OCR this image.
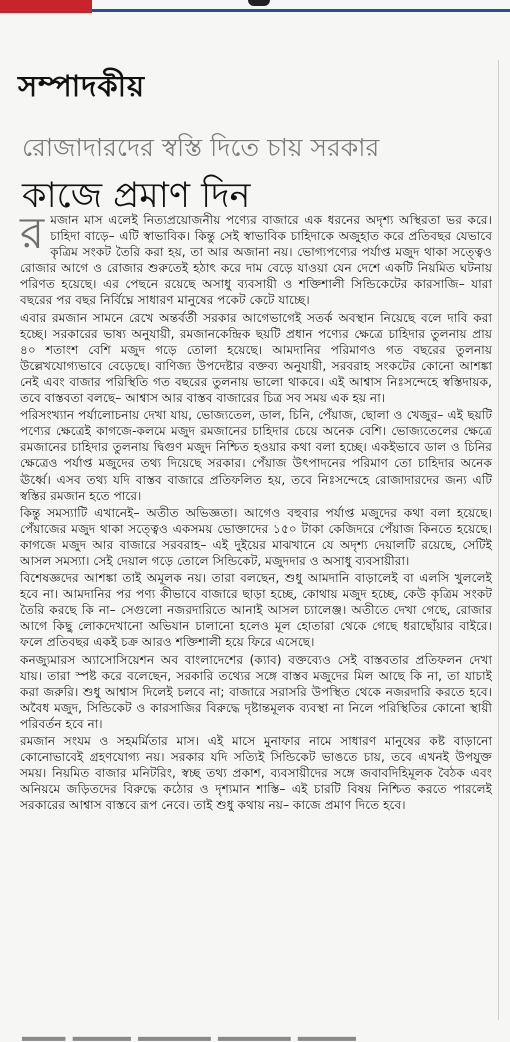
সম্পাদকীয়
রোজাদারদের স্বস্তি দিতে চায় সরকার
কাজে প্রমাণ দিন

রমজান মাস এলেই নিত্যপ্রয়োজনীয় পণ্যের বাজারে এক ধরনের অদৃশ্য অস্থিরতা ভর করে। চাহিদা বাড়ে– এটি স্বাভাবিক। কিন্তু সেই স্বাভাবিক চাহিদাকে অজুহাত করে প্রতিবছর যেভাবে কৃত্রিম সংকট তৈরি করা হয়, তা আর অজানা নয়। ভোগ্যপণ্যের পর্যাপ্ত মজুদ থাকা সত্ত্বেও রোজার আগে ও রোজার শুরুতেই হঠাৎ করে দাম বেড়ে যাওয়া যেন দেশে একটি নিয়মিত ঘটনায় পরিণত হয়েছে। এর পেছনে রয়েছে অসাধু ব্যবসায়ী ও শক্তিশালী সিন্ডিকেটের কারসাজি– যারা বছরের পর বছর নির্বিঘ্নে সাধারণ মানুষের পকেট কেটে যাচ্ছে।

এবার রমজান সামনে রেখে অন্তর্বর্তী সরকার আগেভাগেই সতর্ক অবস্থান নিয়েছে বলে দাবি করা হচ্ছে। সরকারের ভাষ্য অনুযায়ী, রমজানকেন্দ্রিক ছয়টি প্রধান পণ্যের ক্ষেত্রে চাহিদার তুলনায় প্রায় ৪০ শতাংশ বেশি মজুদ গড়ে তোলা হয়েছে। আমদানির পরিমাণও গত বছরের তুলনায় উল্লেখযোগ্যভাবে বেড়েছে। বাণিজ্য উপদেষ্টার বক্তব্য অনুযায়ী, সরবরাহ সংকটের কোনো আশঙ্কা নেই এবং বাজার পরিস্থিতি গত বছরের তুলনায় ভালো থাকবে। এই আশ্বাস নিঃসন্দেহে স্বস্তিদায়ক, তবে বাস্তবতা বলছে– আশ্বাস আর বাস্তব বাজারের চিত্র সব সময় এক হয় না।

পরিসংখ্যান পর্যালোচনায় দেখা যায়, ভোজ্যতেল, ডাল, চিনি, পেঁয়াজ, ছোলা ও খেজুর– এই ছয়টি পণ্যের ক্ষেত্রেই কাগজে-কলমে মজুদ রমজানের চাহিদার চেয়ে অনেক বেশি। ভোজ্যতেলের ক্ষেত্রে রমজানের চাহিদার তুলনায় দ্বিগুণ মজুদ নিশ্চিত হওয়ার কথা বলা হচ্ছে। একইভাবে ডাল ও চিনির ক্ষেত্রেও পর্যাপ্ত মজুদের তথ্য দিয়েছে সরকার। পেঁয়াজ উৎপাদনের পরিমাণ তো চাহিদার অনেক ঊর্ধ্বে। এসব তথ্য যদি বাস্তব বাজারে প্রতিফলিত হয়, তবে নিঃসন্দেহে রোজাদারদের জন্য এটি স্বস্তির রমজান হতে পারে।

কিন্তু সমস্যাটি এখানেই– অতীত অভিজ্ঞতা। আগেও বহুবার পর্যাপ্ত মজুদের কথা বলা হয়েছে। পেঁয়াজের মজুদ থাকা সত্ত্বেও একসময় ভোক্তাদের ১৫০ টাকা কেজিদরে পেঁয়াজ কিনতে হয়েছে। কাগজে মজুদ আর বাজারে সরবরাহ– এই দুইয়ের মাঝখানে যে অদৃশ্য দেয়ালটি রয়েছে, সেটিই আসল সমস্যা। সেই দেয়াল গড়ে তোলে সিন্ডিকেট, মজুদদার ও অসাধু ব্যবসায়ীরা।

বিশেষজ্ঞদের আশঙ্কা তাই অমূলক নয়। তারা বলছেন, শুধু আমদানি বাড়ালেই বা এলসি খুললেই হবে না। আমদানির পর পণ্য কীভাবে বাজারে ছাড়া হচ্ছে, কোথায় মজুদ হচ্ছে, কেউ কৃত্রিম সংকট তৈরি করছে কি না– সেগুলো নজরদারিতে আনাই আসল চ্যালেঞ্জ। অতীতে দেখা গেছে, রোজার আগে কিছু লোকদেখানো অভিযান চালানো হলেও মূল হোতারা থেকে গেছে ধরাছোঁয়ার বাইরে। ফলে প্রতিবছর একই চক্র আরও শক্তিশালী হয়ে ফিরে এসেছে।

কনজ্যুমারস অ্যাসোসিয়েশন অব বাংলাদেশের (ক্যাব) বক্তব্যেও সেই বাস্তবতার প্রতিফলন দেখা যায়। তারা স্পষ্ট করে বলেছেন, সরকারি তথ্যের সঙ্গে বাস্তব মজুদের মিল আছে কি না, তা যাচাই করা জরুরি। শুধু আশ্বাস দিলেই চলবে না; বাজারে সরাসরি উপস্থিত থেকে নজরদারি করতে হবে। অবৈধ মজুদ, সিন্ডিকেট ও কারসাজির বিরুদ্ধে দৃষ্টান্তমূলক ব্যবস্থা না নিলে পরিস্থিতির কোনো স্থায়ী পরিবর্তন হবে না।

রমজান সংযম ও সহমর্মিতার মাস। এই মাসে মুনাফার নামে সাধারণ মানুষের কষ্ট বাড়ানো কোনোভাবেই গ্রহণযোগ্য নয়। সরকার যদি সত্যিই সিন্ডিকেট ভাঙতে চায়, তবে এখনই উপযুক্ত সময়। নিয়মিত বাজার মনিটরিং, স্বচ্ছ তথ্য প্রকাশ, ব্যবসায়ীদের সঙ্গে জবাবদিহিমূলক বৈঠক এবং অনিয়মে জড়িতদের বিরুদ্ধে কঠোর ও দৃশ্যমান শাস্তি– এই চারটি বিষয় নিশ্চিত করতে পারলেই সরকারের আশ্বাস বাস্তবে রূপ নেবে। তাই শুধু কথায় নয়– কাজে প্রমাণ দিতে হবে।

━━━ ━━━━ ━━━━━ ━━━━━ ━━━━
